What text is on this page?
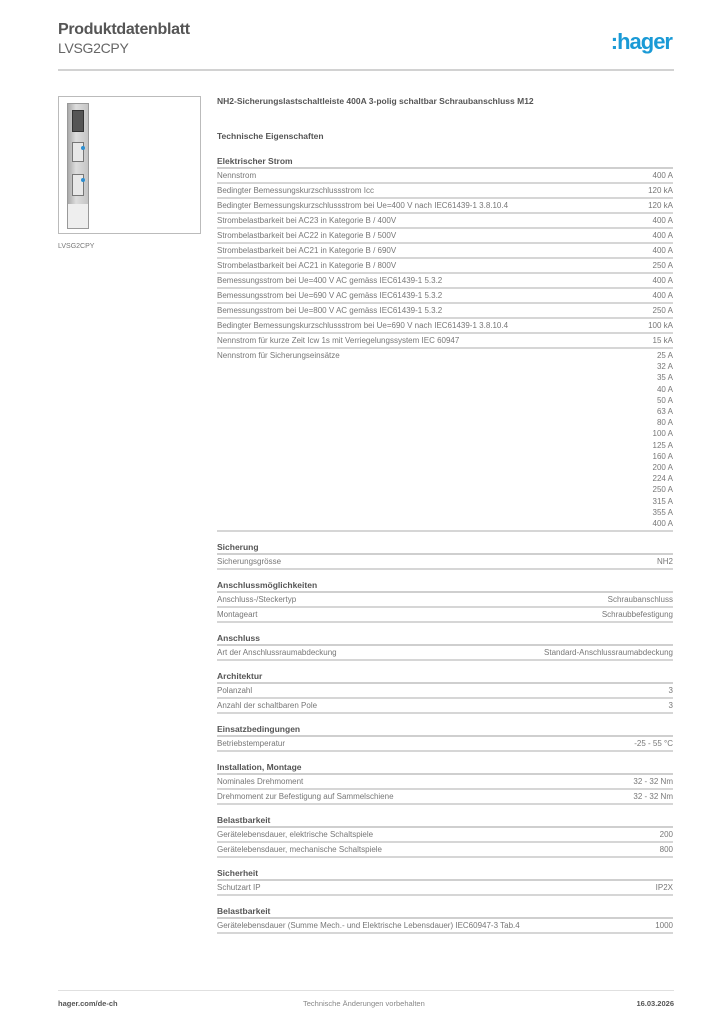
Produktdatenblatt
LVSG2CPY	:hager
LVSG2CPY
NH2-Sicherungslastschaltleiste 400A 3-polig schaltbar Schraubanschluss M12
Technische Eigenschaften
Elektrischer Strom
Nennstrom	400 A
Bedingter Bemessungskurzschlussstrom Icc	120 kA
Bedingter Bemessungskurzschlussstrom bei Ue=400 V nach IEC61439-1 3.8.10.4	120 kA
Strombelastbarkeit bei AC23 in Kategorie B / 400V	400 A
Strombelastbarkeit bei AC22 in Kategorie B / 500V	400 A
Strombelastbarkeit bei AC21 in Kategorie B / 690V	400 A
Strombelastbarkeit bei AC21 in Kategorie B / 800V	250 A
Bemessungsstrom bei Ue=400 V AC gemäss IEC61439-1 5.3.2	400 A
Bemessungsstrom bei Ue=690 V AC gemäss IEC61439-1 5.3.2	400 A
Bemessungsstrom bei Ue=800 V AC gemäss IEC61439-1 5.3.2	250 A
Bedingter Bemessungskurzschlussstrom bei Ue=690 V nach IEC61439-1 3.8.10.4	100 kA
Nennstrom für kurze Zeit Icw 1s mit Verriegelungssystem IEC 60947	15 kA
Nennstrom für Sicherungseinsätze	25 A
32 A
35 A
40 A
50 A
63 A
80 A
100 A
125 A
160 A
200 A
224 A
250 A
315 A
355 A
400 A
Sicherung
Sicherungsgrösse	NH2
Anschlussmöglichkeiten
Anschluss-/Steckertyp	Schraubanschluss
Montageart	Schraubbefestigung
Anschluss
Art der Anschlussraumabdeckung	Standard-Anschlussraumabdeckung
Architektur
Polanzahl	3
Anzahl der schaltbaren Pole	3
Einsatzbedingungen
Betriebstemperatur	-25 - 55 °C
Installation, Montage
Nominales Drehmoment	32 - 32 Nm
Drehmoment zur Befestigung auf Sammelschiene	32 - 32 Nm
Belastbarkeit
Gerätelebensdauer, elektrische Schaltspiele	200
Gerätelebensdauer, mechanische Schaltspiele	800
Sicherheit
Schutzart IP	IP2X
Belastbarkeit
Gerätelebensdauer (Summe Mech.- und Elektrische Lebensdauer) IEC60947-3 Tab.4	1000
hager.com/de-ch	Technische Änderungen vorbehalten	16.03.2026
